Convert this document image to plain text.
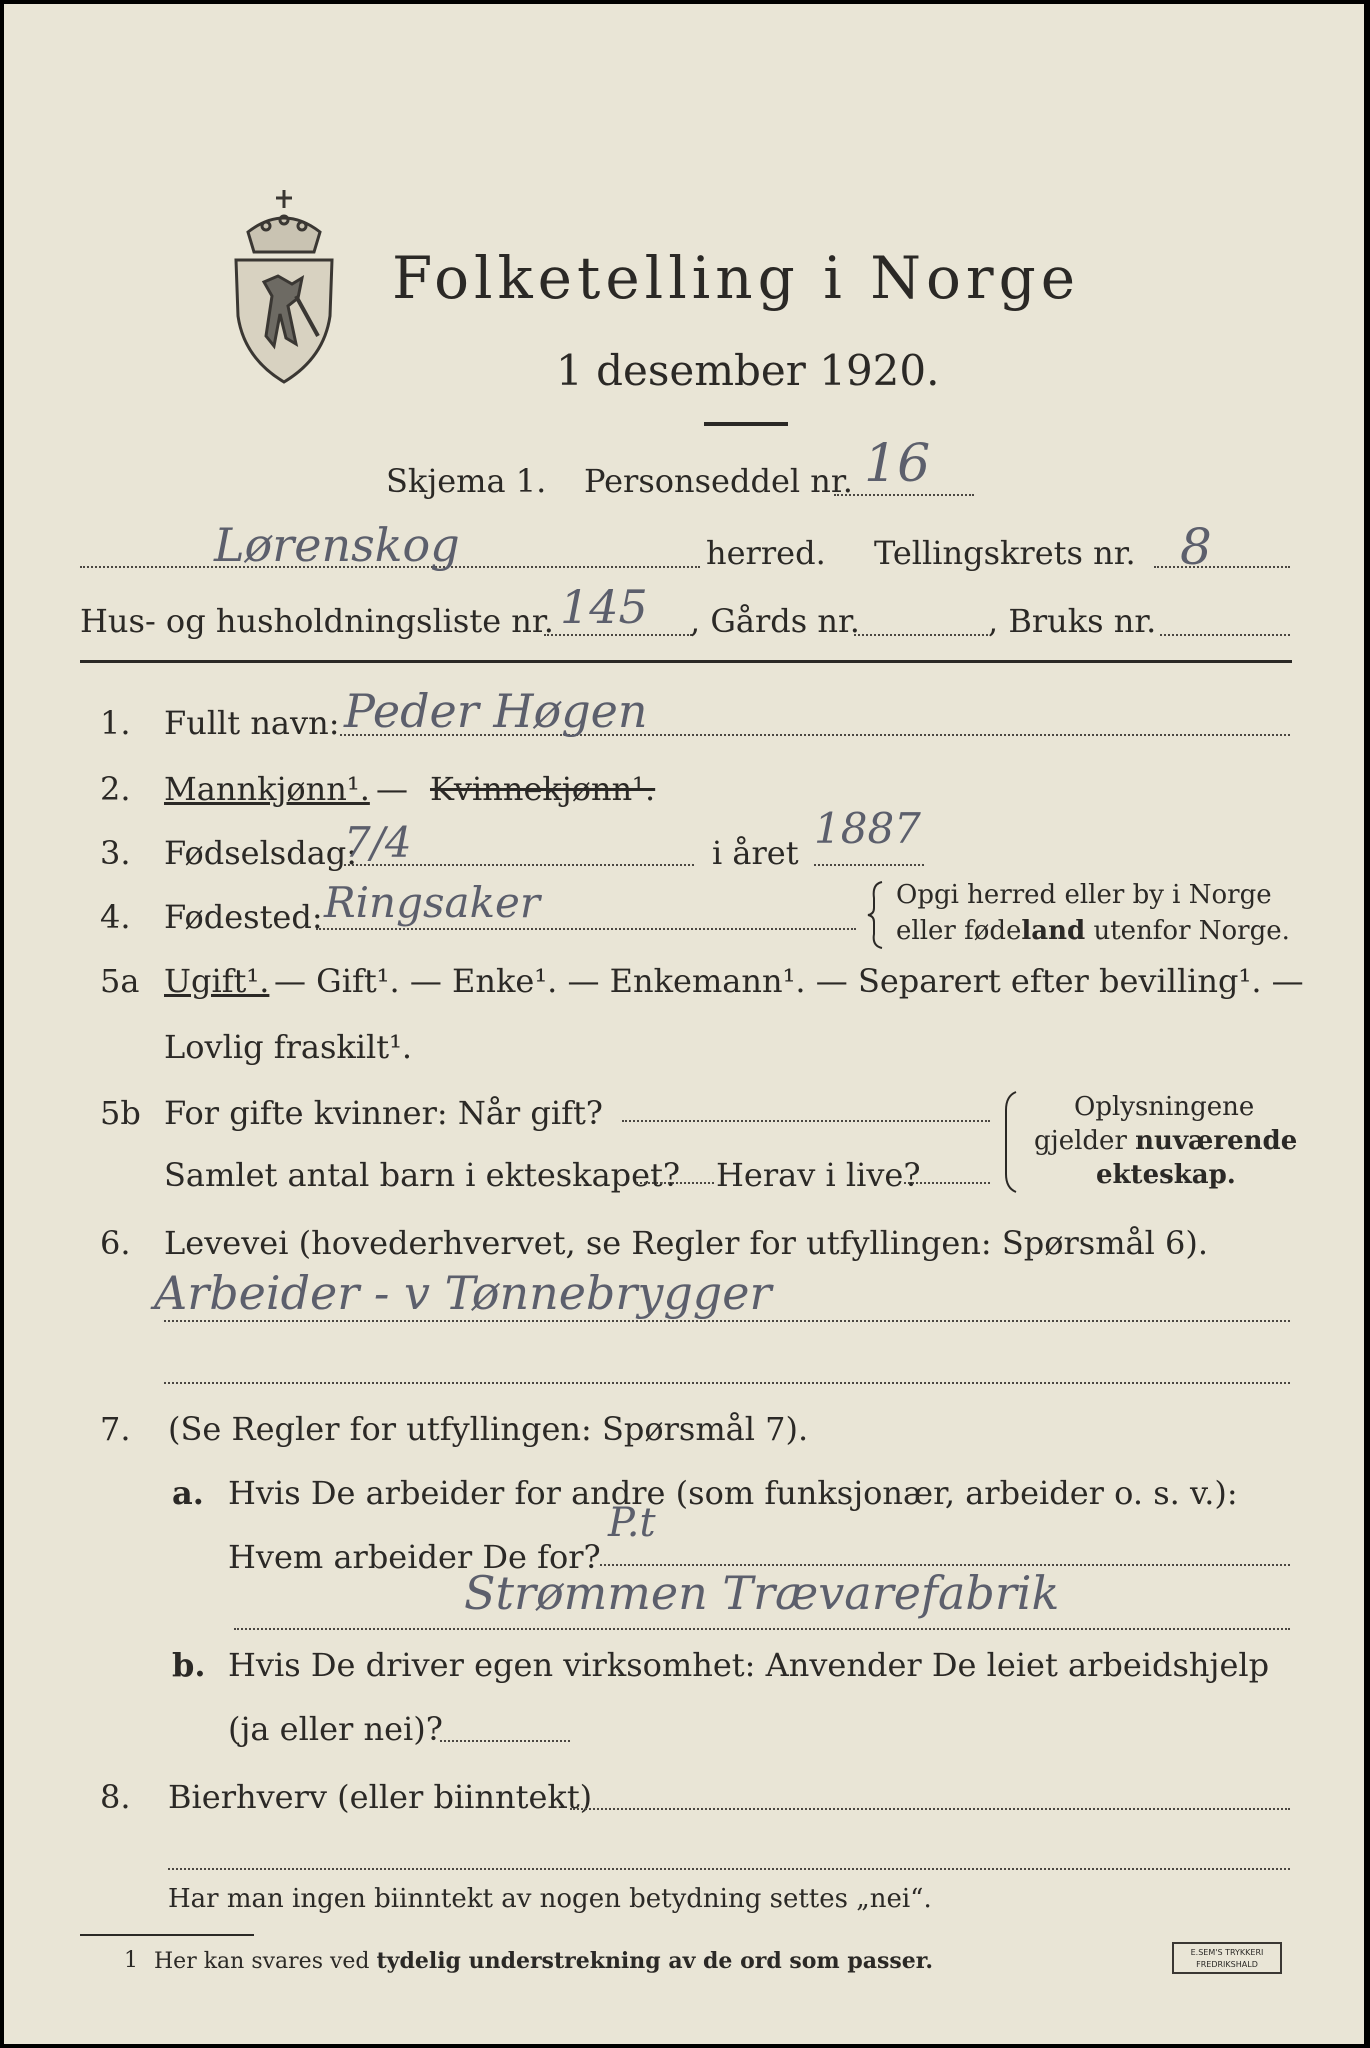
Folketelling i Norge
1 desember 1920.
Skjema 1. Personseddel nr. 16
Lørenskog	herred. Tellingskrets nr. 8
Hus- og husholdningsliste nr. 145 , Gårds nr.	, Bruks nr.
1. Fullt navn: Peder Høgen
2. Mannkjønn¹. — Kvinnekjønn¹.
3. Fødselsdag:
7/4	i året 1887
4. Fødested: Ringsaker	Opgi herred eller by i Norge
eller fødeland utenfor Norge.
5a Ugift¹. — Gift¹. — Enke¹. — Enkemann¹. — Separert efter bevilling¹. —
Lovlig fraskilt¹.
5b For gifte kvinner: Når gift?
Samlet antal barn i ekteskapet? Herav i live?
Oplysningene
gjelder nuværende
ekteskap.
6. Levevei (hovederhvervet, se Regler for utfyllingen: Spørsmål 6).
Arbeider - v Tønnebrygger
7. (Se Regler for utfyllingen: Spørsmål 7).
a. Hvis De arbeider for andre (som funksjonær, arbeider o. s. v.):
Hvem arbeider De for?
P.t
Strømmen Trævarefabrik
b. Hvis De driver egen virksomhet: Anvender De leiet arbeidshjelp
(ja eller nei)?
8. Bierhverv (eller biinntekt)
Har man ingen biinntekt av nogen betydning settes „nei“.
1 Her kan svares ved tydelig understrekning av de ord som passer.	E.SEM'S TRYKKERI
FREDRIKSHALD
